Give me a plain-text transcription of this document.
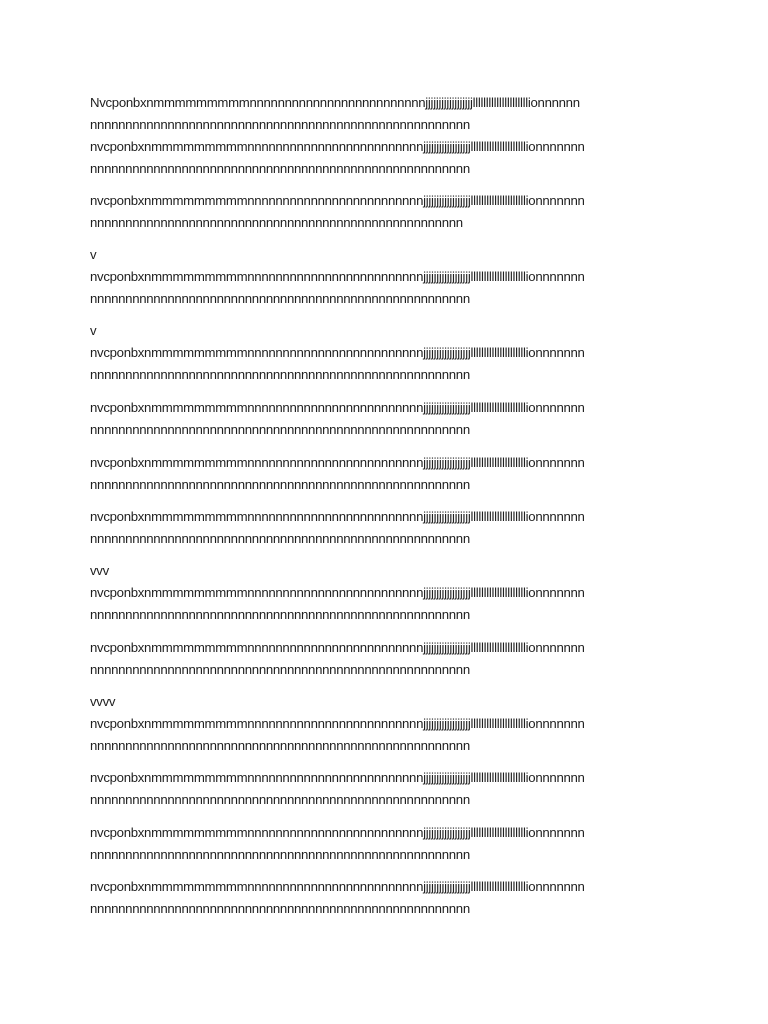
Nvcponbxnmmmmmmmmmnnnnnnnnnnnnnnnnnnnnnnnnnjjjjjjjjjjjjjjjjjjlllllllllllllllllllllionnnnnn
nnnnnnnnnnnnnnnnnnnnnnnnnnnnnnnnnnnnnnnnnnnnnnnnnnnnnn
nvcponbxnmmmmmmmmmnnnnnnnnnnnnnnnnnnnnnnnnnjjjjjjjjjjjjjjjjjjlllllllllllllllllllllionnnnnnn
nnnnnnnnnnnnnnnnnnnnnnnnnnnnnnnnnnnnnnnnnnnnnnnnnnnnnn
nvcponbxnmmmmmmmmmnnnnnnnnnnnnnnnnnnnnnnnnnjjjjjjjjjjjjjjjjjjlllllllllllllllllllllionnnnnnn
nnnnnnnnnnnnnnnnnnnnnnnnnnnnnnnnnnnnnnnnnnnnnnnnnnnnn
v
nvcponbxnmmmmmmmmmnnnnnnnnnnnnnnnnnnnnnnnnnjjjjjjjjjjjjjjjjjjlllllllllllllllllllllionnnnnnn
nnnnnnnnnnnnnnnnnnnnnnnnnnnnnnnnnnnnnnnnnnnnnnnnnnnnnn
v
nvcponbxnmmmmmmmmmnnnnnnnnnnnnnnnnnnnnnnnnnjjjjjjjjjjjjjjjjjjlllllllllllllllllllllionnnnnnn
nnnnnnnnnnnnnnnnnnnnnnnnnnnnnnnnnnnnnnnnnnnnnnnnnnnnnn
nvcponbxnmmmmmmmmmnnnnnnnnnnnnnnnnnnnnnnnnnjjjjjjjjjjjjjjjjjjlllllllllllllllllllllionnnnnnn
nnnnnnnnnnnnnnnnnnnnnnnnnnnnnnnnnnnnnnnnnnnnnnnnnnnnnn
nvcponbxnmmmmmmmmmnnnnnnnnnnnnnnnnnnnnnnnnnjjjjjjjjjjjjjjjjjjlllllllllllllllllllllionnnnnnn
nnnnnnnnnnnnnnnnnnnnnnnnnnnnnnnnnnnnnnnnnnnnnnnnnnnnnn
nvcponbxnmmmmmmmmmnnnnnnnnnnnnnnnnnnnnnnnnnjjjjjjjjjjjjjjjjjjlllllllllllllllllllllionnnnnnn
nnnnnnnnnnnnnnnnnnnnnnnnnnnnnnnnnnnnnnnnnnnnnnnnnnnnnn
vvv
nvcponbxnmmmmmmmmmnnnnnnnnnnnnnnnnnnnnnnnnnjjjjjjjjjjjjjjjjjjlllllllllllllllllllllionnnnnnn
nnnnnnnnnnnnnnnnnnnnnnnnnnnnnnnnnnnnnnnnnnnnnnnnnnnnnn
nvcponbxnmmmmmmmmmnnnnnnnnnnnnnnnnnnnnnnnnnjjjjjjjjjjjjjjjjjjlllllllllllllllllllllionnnnnnn
nnnnnnnnnnnnnnnnnnnnnnnnnnnnnnnnnnnnnnnnnnnnnnnnnnnnnn
vvvv
nvcponbxnmmmmmmmmmnnnnnnnnnnnnnnnnnnnnnnnnnjjjjjjjjjjjjjjjjjjlllllllllllllllllllllionnnnnnn
nnnnnnnnnnnnnnnnnnnnnnnnnnnnnnnnnnnnnnnnnnnnnnnnnnnnnn
nvcponbxnmmmmmmmmmnnnnnnnnnnnnnnnnnnnnnnnnnjjjjjjjjjjjjjjjjjjlllllllllllllllllllllionnnnnnn
nnnnnnnnnnnnnnnnnnnnnnnnnnnnnnnnnnnnnnnnnnnnnnnnnnnnnn
nvcponbxnmmmmmmmmmnnnnnnnnnnnnnnnnnnnnnnnnnjjjjjjjjjjjjjjjjjjlllllllllllllllllllllionnnnnnn
nnnnnnnnnnnnnnnnnnnnnnnnnnnnnnnnnnnnnnnnnnnnnnnnnnnnnn
nvcponbxnmmmmmmmmmnnnnnnnnnnnnnnnnnnnnnnnnnjjjjjjjjjjjjjjjjjjlllllllllllllllllllllionnnnnnn
nnnnnnnnnnnnnnnnnnnnnnnnnnnnnnnnnnnnnnnnnnnnnnnnnnnnnn
